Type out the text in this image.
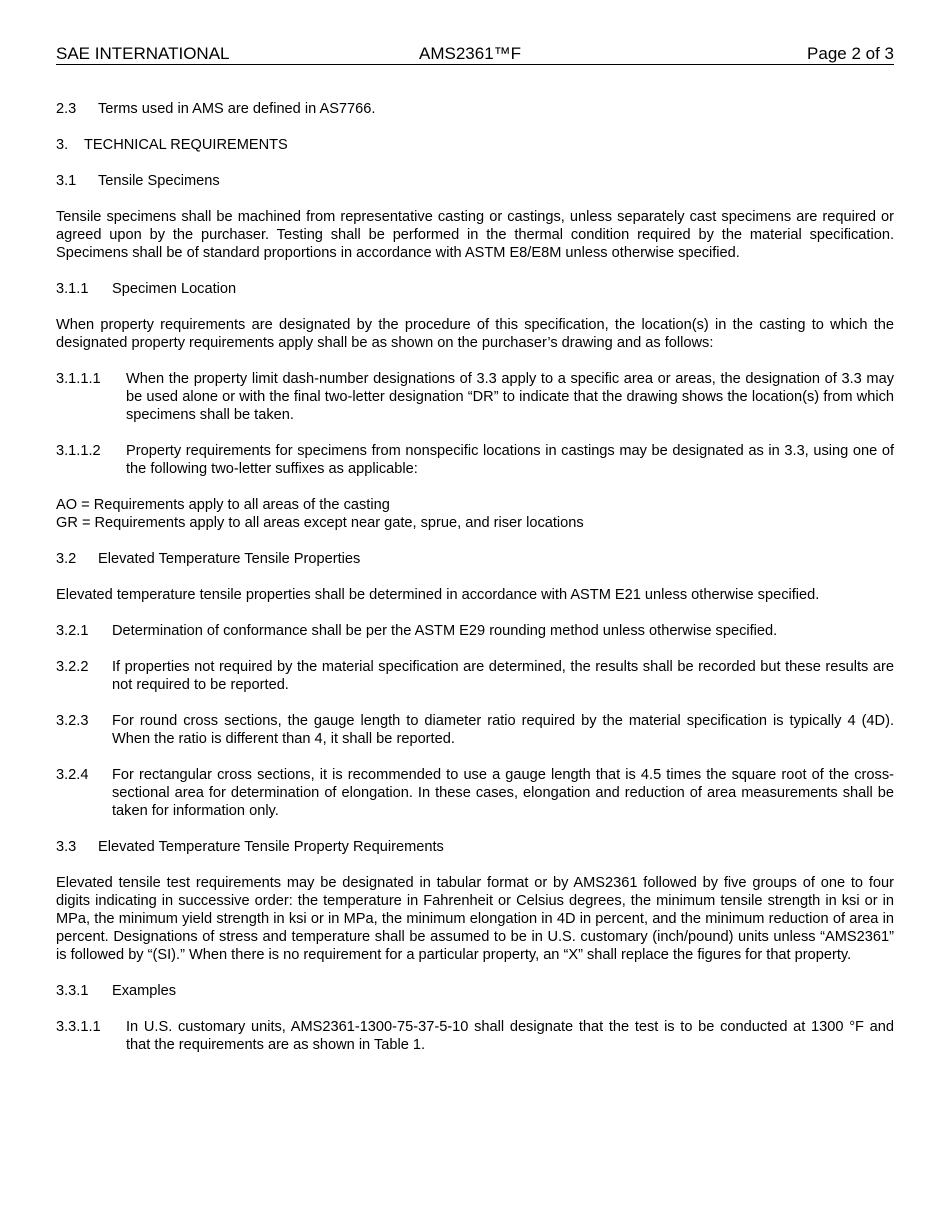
SAE INTERNATIONAL	AMS2361™F	Page 2 of 3
2.3	Terms used in AMS are defined in AS7766.
3.	TECHNICAL REQUIREMENTS
3.1	Tensile Specimens

Tensile specimens shall be machined from representative casting or castings, unless separately cast specimens are required or agreed upon by the purchaser. Testing shall be performed in the thermal condition required by the material specification. Specimens shall be of standard proportions in accordance with ASTM E8/E8M unless otherwise specified.

3.1.1	Specimen Location

When property requirements are designated by the procedure of this specification, the location(s) in the casting to which the designated property requirements apply shall be as shown on the purchaser’s drawing and as follows:

3.1.1.1	When the property limit dash-number designations of 3.3 apply to a specific area or areas, the designation of 3.3 may be used alone or with the final two-letter designation “DR” to indicate that the drawing shows the location(s) from which specimens shall be taken.
3.1.1.2	Property requirements for specimens from nonspecific locations in castings may be designated as in 3.3, using one of the following two-letter suffixes as applicable:
AO = Requirements apply to all areas of the casting
GR = Requirements apply to all areas except near gate, sprue, and riser locations
3.2	Elevated Temperature Tensile Properties

Elevated temperature tensile properties shall be determined in accordance with ASTM E21 unless otherwise specified.

3.2.1	Determination of conformance shall be per the ASTM E29 rounding method unless otherwise specified.
3.2.2	If properties not required by the material specification are determined, the results shall be recorded but these results are not required to be reported.
3.2.3	For round cross sections, the gauge length to diameter ratio required by the material specification is typically 4 (4D). When the ratio is different than 4, it shall be reported.
3.2.4	For rectangular cross sections, it is recommended to use a gauge length that is 4.5 times the square root of the cross-sectional area for determination of elongation. In these cases, elongation and reduction of area measurements shall be taken for information only.
3.3	Elevated Temperature Tensile Property Requirements

Elevated tensile test requirements may be designated in tabular format or by AMS2361 followed by five groups of one to four digits indicating in successive order: the temperature in Fahrenheit or Celsius degrees, the minimum tensile strength in ksi or in MPa, the minimum yield strength in ksi or in MPa, the minimum elongation in 4D in percent, and the minimum reduction of area in percent. Designations of stress and temperature shall be assumed to be in U.S. customary (inch/pound) units unless “AMS2361” is followed by “(SI).” When there is no requirement for a particular property, an “X” shall replace the figures for that property.

3.3.1	Examples
3.3.1.1	In U.S. customary units, AMS2361-1300-75-37-5-10 shall designate that the test is to be conducted at 1300 °F and that the requirements are as shown in Table 1.
